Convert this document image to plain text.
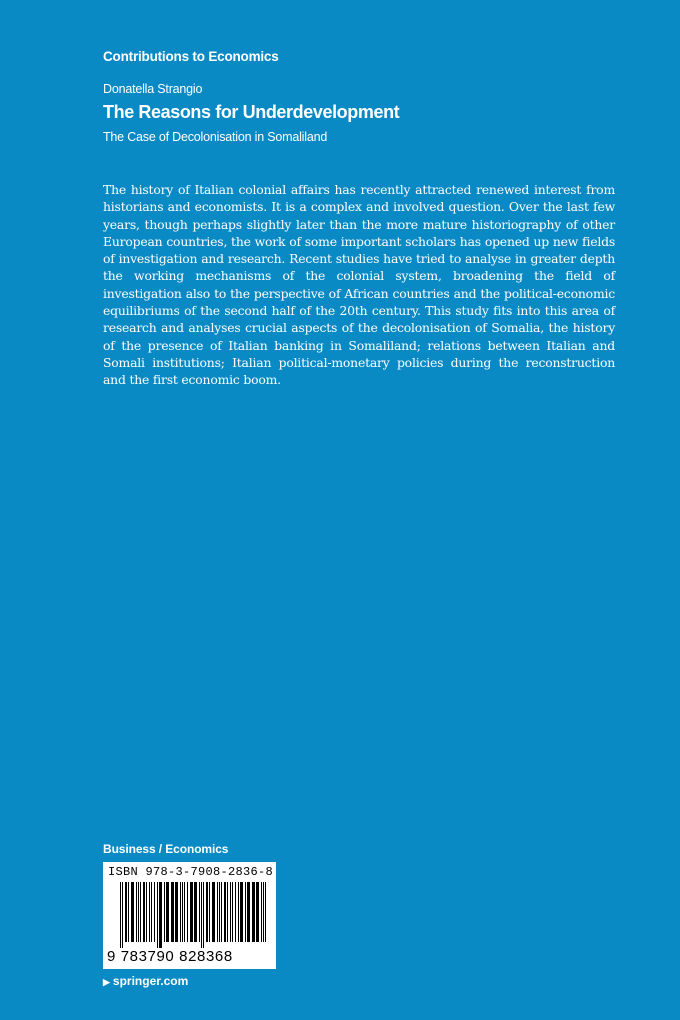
Contributions to Economics
Donatella Strangio
The Reasons for Underdevelopment
The Case of Decolonisation in Somaliland
The history of Italian colonial affairs has recently attracted renewed interest from historians and economists. It is a complex and involved question. Over the last few years, though perhaps slightly later than the more mature historiography of other European countries, the work of some important scholars has opened up new fields of investigation and research. Recent studies have tried to analyse in greater depth the working mechanisms of the colonial system, broadening the field of investigation also to the perspective of African countries and the political-economic equilibriums of the second half of the 20th century. This study fits into this area of research and analyses crucial aspects of the decolonisation of Somalia, the history of the presence of Italian banking in Somaliland; relations between Italian and Somali institutions; Italian political-monetary policies during the reconstruction and the first economic boom.
Business / Economics
ISBN 978-3-7908-2836-8
9 783790 828368
▶ springer.com
